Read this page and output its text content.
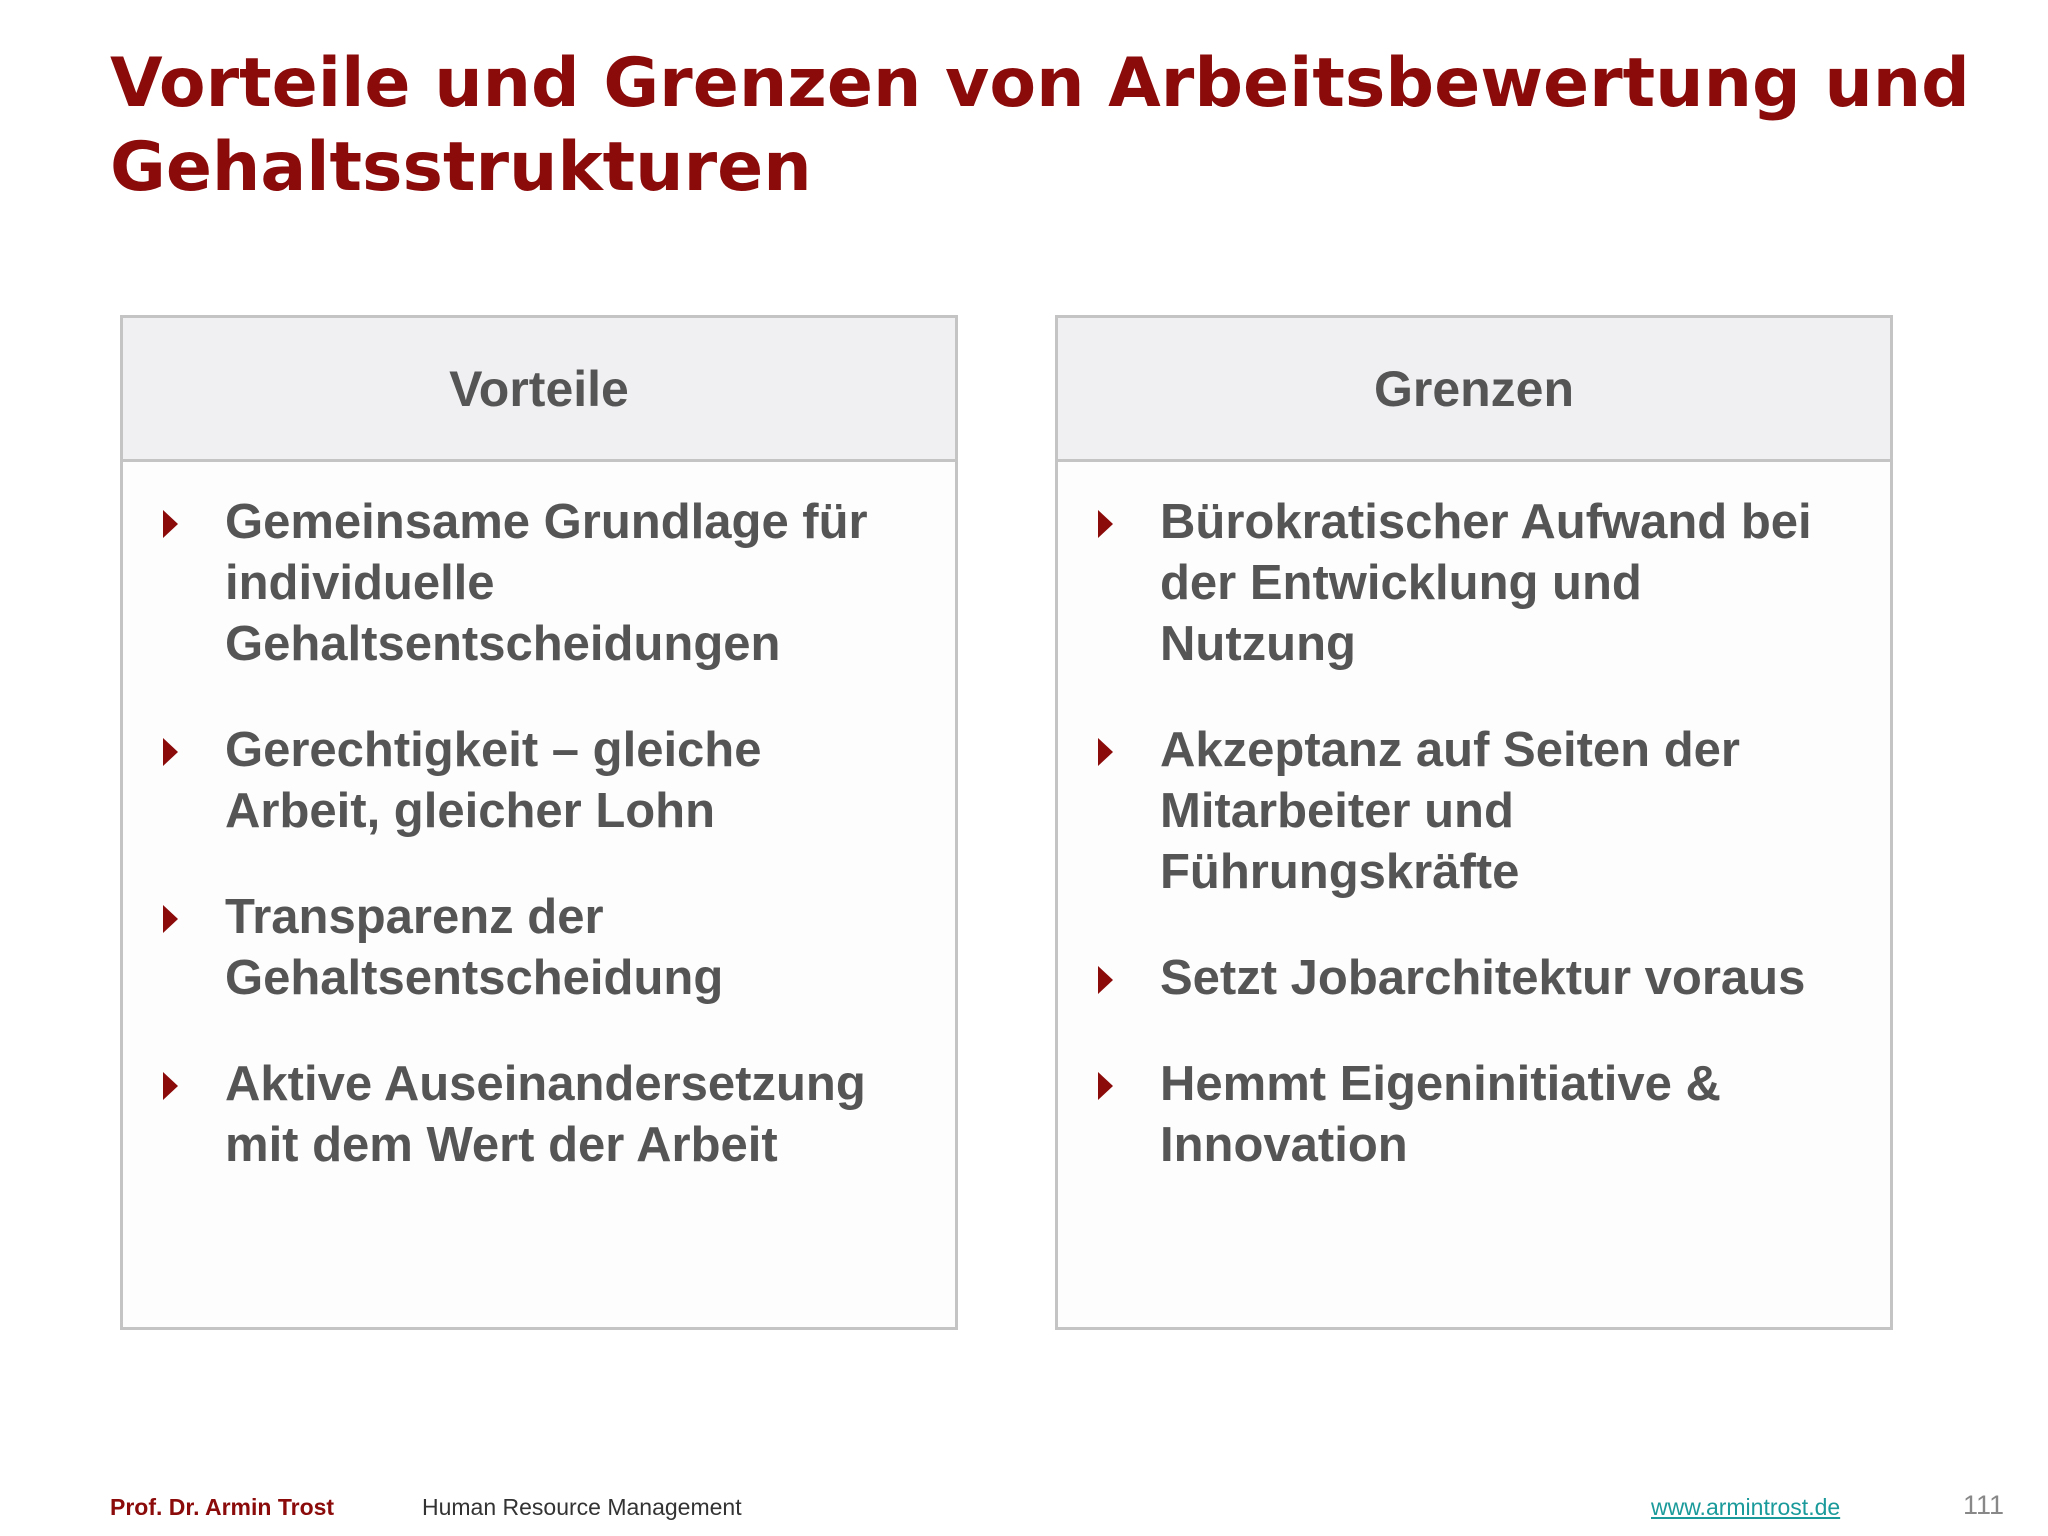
Vorteile und Grenzen von Arbeitsbewertung und Gehaltsstrukturen
Vorteile
Gemeinsame Grundlage für individuelle Gehaltsentscheidungen
Gerechtigkeit – gleiche Arbeit, gleicher Lohn
Transparenz der Gehaltsentscheidung
Aktive Auseinandersetzung mit dem Wert der Arbeit
Grenzen
Bürokratischer Aufwand bei der Entwicklung und Nutzung
Akzeptanz auf Seiten der Mitarbeiter und Führungskräfte
Setzt Jobarchitektur voraus
Hemmt Eigeninitiative & Innovation
Prof. Dr. Armin Trost	Human Resource Management	www.armintrost.de	111
